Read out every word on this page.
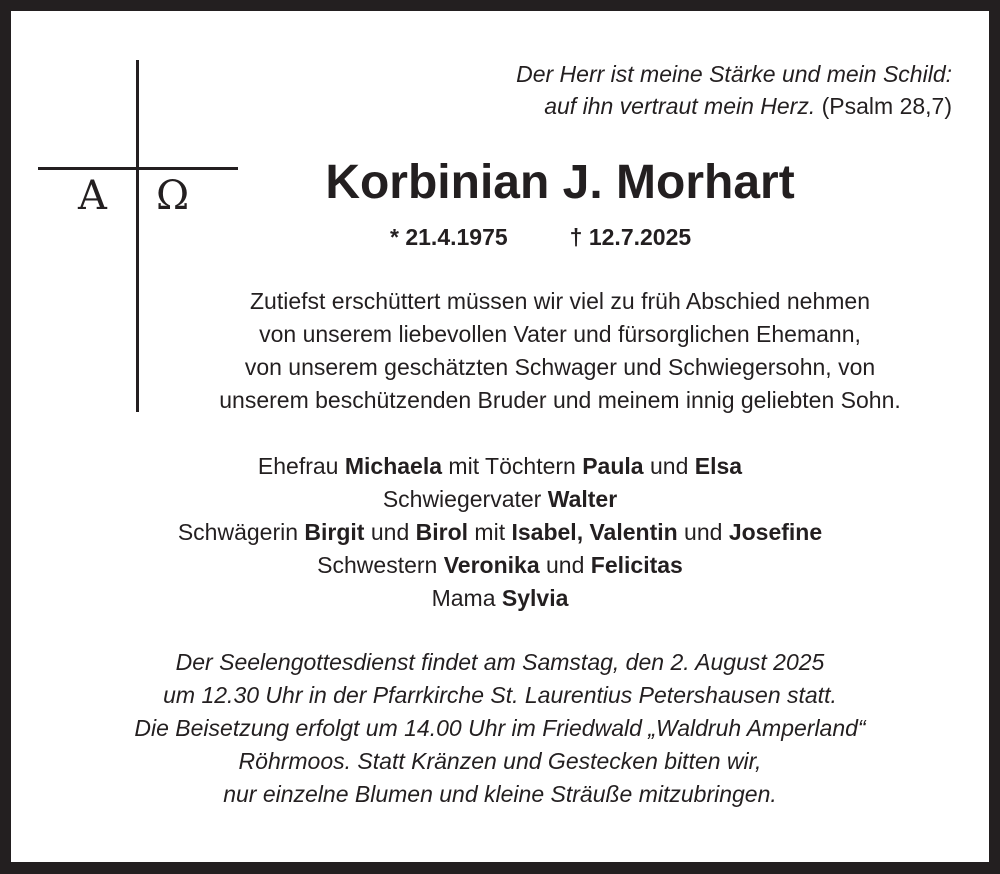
A Ω
Der Herr ist meine Stärke und mein Schild:
auf ihn vertraut mein Herz. (Psalm 28,7)
Korbinian J. Morhart
* 21.4.1975	† 12.7.2025
Zutiefst erschüttert müssen wir viel zu früh Abschied nehmen
von unserem liebevollen Vater und fürsorglichen Ehemann,
von unserem geschätzten Schwager und Schwiegersohn, von
unserem beschützenden Bruder und meinem innig geliebten Sohn.
Ehefrau Michaela mit Töchtern Paula und Elsa
Schwiegervater Walter
Schwägerin Birgit und Birol mit Isabel, Valentin und Josefine
Schwestern Veronika und Felicitas
Mama Sylvia
Der Seelengottesdienst findet am Samstag, den 2. August 2025
um 12.30 Uhr in der Pfarrkirche St. Laurentius Petershausen statt.
Die Beisetzung erfolgt um 14.00 Uhr im Friedwald „Waldruh Amperland“
Röhrmoos. Statt Kränzen und Gestecken bitten wir,
nur einzelne Blumen und kleine Sträuße mitzubringen.
